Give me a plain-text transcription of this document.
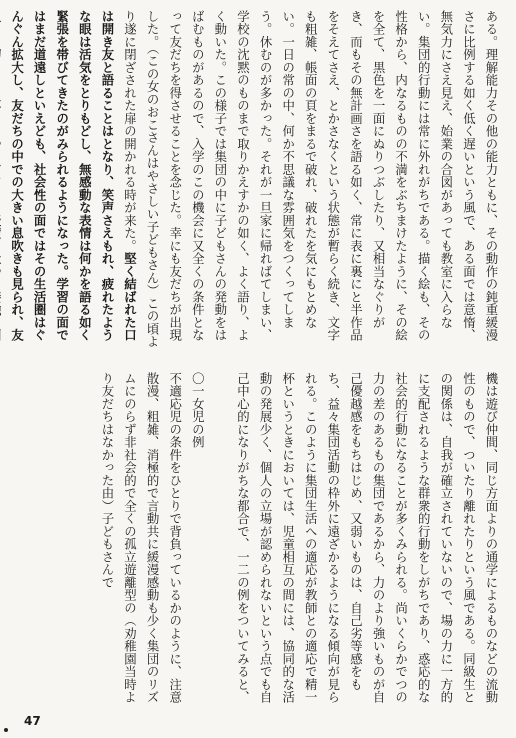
ある。理解能力その他の能力ともに、その動作の鈍重緩漫さに比例する如く低く遅いという風で、ある面では意惰、無気力にさえ見え、始業の合図があっても教室に入らない。集団的行動には常に外れがちである。描く絵も、その性格から、内なるものの不満をぶちまけたように、その絵を全て、黒色を一面にぬりつぶしたり、又相当なぐりがき、而もその無計画さを語る如く、常に表に裏にと半作品をそえてさえ、とかさなくという状態が暫らく続き、文字も粗雑、帳面の頁をまるで破れ、破れたを気にもとめない。一日の常の中、何か不思議な雰囲気をつくってしまう。休むのが多かった。それが一旦家に帰ればてしまい、学校の沈黙のものまで取りかえすかの如く、よく語り、よく動いた。この様子では集団の中に子どもさんの発動をはばむものがあるので、入学のこの機会に又全くの条件となって友だちを得させることを念じた。幸にも友だちが出現した。（この女のおこさんはやさしい子どもさん）この頃より遂に閉ざされた扉の開かれる時が来た。堅く結ばれた口は開き友と語ることはとなり、笑声さえもれ、疲れたような眼は活気をとりもどし、無感動な表情は何かを語る如く緊張を帯びてきたのがみられるようになった。学習の面ではまだ道遠しといえども、社会性の面ではその生活圏はぐんぐん拡大し、友だちの中での大きい息吹きも見られ、友

機は遊び仲間、同じ方面よりの通学によるものなどの流動性のもので、ついたり離れたりという風である。同級生との関係は、自我が確立されていないので、場の力に一方的に支配されるような群衆的行動をしがちであり、惑応的な社会的行動になることが多くみられる。尚いくらかでつの力の差のあるもの集団であるから、力のより強いものが自己優越感をもちはじめ、又弱いものは、自己劣等感をもち、益々集団活動の枠外に遠ざかるようになる傾向が見られる。このように集団生活への適応が教師との適応で精一杯というときにおいては、児童相互の間には、協同的な活動の発展少く、個人の立場が認められないという点でも自己中心的になりがちな都合で、一二の例をついてみると、

〇一女児の例
不適応児の条件をひとりで背負っているかのように、注意散漫、粗雑、消極的で言動共に緩漫感動も少く集団のリズムにのらず非社会的で全くの孤立遊離型の（劝稚園当時より友だちはなかった由）子どもさんで
47
